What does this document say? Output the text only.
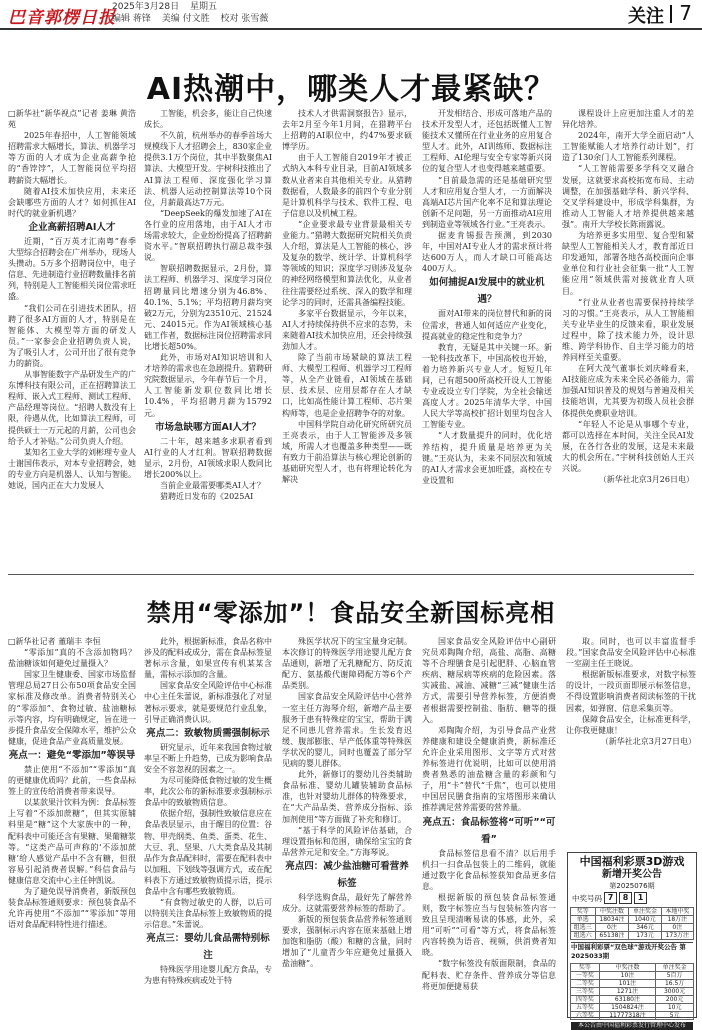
巴音郭楞日报
2025年3月28日 星期五
编辑 蒋锋 美编 付文胜 校对 张雪薇	关注 7
AI热潮中，哪类人才最紧缺？

□新华社“新华视点”记者 姜琳 黄浩苑

2025年春招中，人工智能领域招聘需求大幅增长，算法、机器学习等方面的人才成为企业高薪争抢的“香饽饽”，人工智能岗位平均招聘薪资大幅增长。

随着AI技术加快应用，未来还会缺哪些方面的人才？如何抓住AI时代的就业新机遇？

企业高薪招聘AI人才

近期，“百万英才汇南粤”春季大型综合招聘会在广州举办，现场人头攒动。5万多个招聘岗位中，电子信息、先进制造行业招聘数量排名前列，特别是人工智能相关岗位需求旺盛。

“我们公司在引进技术团队，招聘了很多AI方面的人才，特别是在智能体、大模型等方面的研发人员。”一家参会企业招聘负责人说，为了吸引人才，公司开出了很有竞争力的薪资。

从事智能数字产品研发生产的广东博科技有限公司，正在招聘算法工程师、嵌入式工程师、测试工程师、产品经理等岗位。“招聘人数没有上限，待遇从优，比如算法工程师，可提供硕士一万元起的月薪，公司也会给予人才补贴。”公司负责人介绍。

某知名工业大学的刘彬理专业人士谢国伟表示，对本专业招聘会，她的专业方向是机器人、认知与智能。她说，国内正在大力发展人

工智能，机会多，能让自己快速成长。

不久前，杭州举办的春季首场大规模线下人才招聘会上，830家企业提供3.1万个岗位，其中半数聚焦AI算法、大模型开发。宇树科技推出了AI算法工程师、深度强化学习算法、机器人运动控制算法等10个岗位，月薪最高达7万元。

“DeepSeek的爆发加速了AI在各行业的应用落地，由于AI人才市场需求较大，企业纷纷提高了招聘薪资水平。”智联招聘执行副总裁李强说。

智联招聘数据显示，2月份，算法工程师、机器学习、深度学习岗位招聘量同比增速分别为46.8%、40.1%、5.1%；平均招聘月薪均突破2万元，分别为23510元、21524元、24015元。作为AI领域核心基础工作者，数据标注岗位招聘需求同比增长超50%。

此外，市场对AI知识培训和人才培养的需求也在急剧提升。猎聘研究院数据显示，今年春节后一个月，人工智能新发职位数同比增长10.4%，平均招聘月薪为15792元。

市场急缺哪方面AI人才？

二十年，越来越多求职者看到AI行业的人才红利。智联招聘数据显示，2月份，AI领域求职人数同比增长200%以上。

当前企业最需要哪类AI人才？

猎聘近日发布的《2025AI

技术人才供需洞察报告》显示，去年2月至今年1月间，在猎聘平台上招聘的AI职位中，约47%要求硕博学历。

由于人工智能自2019年才被正式纳入本科专业目录，目前AI领域多数从业者来自其他相关专业。从猎聘数据看，人数最多的前四个专业分别是计算机科学与技术、软件工程、电子信息以及机械工程。

“企业要求最专业背景最相关专业能力。”猎聘大数据研究院相关负责人介绍，算法是人工智能的核心，涉及复杂的数学、统计学、计算机科学等领域的知识；深度学习则涉及复杂的神经网络模型和算法优化，从业者往往需要经过系统、深入的数学和理论学习的同时，还需具备编程技能。

多家平台数据显示，今年以来，AI人才持续保持供不应求的态势，未来随着AI技术加快应用，还会持续强劲加人才。

除了当前市场紧缺的算法工程师、大模型工程师、机器学习工程师等，从全产业链看，AI领域在基础层、技术层、应用层都存在人才缺口，比如高性能计算工程师、芯片架构师等，也是企业招聘争夺的对象。

中国科学院自动化研究所研究员王亮表示，由于人工智能涉及多领域，所需人才也覆盖多种类型——既有致力于前沿算法与核心理论创新的基础研究型人才，也有将理论转化为解决

开发相结合、形成可落地产品的技术开发型人才，还包括既懂人工智能技术又懂所在行业业务的应用复合型人才。此外，AI训练师、数据标注工程师、AI伦理与安全专家等新兴岗位的复合型人才也变得越来越重要。

“目前最急需的还是基础研究型人才和应用复合型人才，一方面解决高端AI芯片国产化率不足和算法理论创新不足问题，另一方面推动AI应用到制造业等领域各行业。”王亮表示。

据麦肯锡报告预测，到2030年，中国对AI专业人才的需求预计将达600万人，而人才缺口可能高达400万人。

如何捕捉AI发展中的就业机遇？

面对AI带来的岗位替代和新的岗位需求，普通人如何适应产业变化，提高就业的稳定性和竞争力？

教育，无疑是其中关键一环。新一轮科技改革下，中国高校也开始，着力培养新兴专业人才。短短几年间，已有超500所高校开设人工智能专业或设立专门学院，为全社会输送高度人才。2025年清华大学、中国人民大学等高校扩招计划里均包含人工智能专业。

“人才数量提升的同时，优化培养结构，提升质量是培养更为关键。”王亮认为，未来不同层次和领域的AI人才需求会更加旺盛，高校在专业设置和

课程设计上应更加注重人才的差异化培养。

2024年，南开大学全面启动“人工智能赋能人才培养行动计划”，打造了130余门人工智能系列课程。

“人工智能需要多学科交叉融合发展，这就要求高校拓宽布局、主动调整，在加强基础学科、新兴学科、交叉学科建设中，形成学科集群，为推动人工智能人才培养提供越来越强”。南开大学校长陈雨露说。

为培养更多实用型、复合型和紧缺型人工智能相关人才，教育部近日印发通知，部署各地各高校面向企事业单位和行业社会征集一批“人工智能应用”领域供需对接就业育人项目。

“行业从业者也需要保持持续学习的习惯。”王亮表示，从人工智能相关专业毕业生的反馈来看，职业发展过程中，除了技术能力外，设计思维、跨学科协作、自主学习能力的培养同样至关重要。

在阿大茂气董事长刘庆峰看来，AI技能应成为未来全民必备能力，需加强AI知识普及的规划与普遍及相关技能培训，尤其要为初级人员社会群体提供免费职业培训。

“年轻人不论是从事哪个专业，都可以选择在本时间，关注全民AI发展，在各行各业的发展，这是未来最大的机会所在。”宇树科技创始人王兴兴说。

（新华社北京3月26日电）

禁用“零添加”！食品安全新国标亮相

□新华社记者 董瑞丰 李恒

“零添加”真的不含添加物吗？盐油糖该如何避免过量摄入？

国家卫生健康委、国家市场监督管理总局27日公布50项食品安全国家标准及修改单。消费者特别关心的“零添加”、食物过敏、盐油糖标示等内容，均有明确规定，旨在进一步提升食品安全保障水平，维护公众健康，促进食品产业高质量发展。

亮点一：避免“零添加”等误导

禁止使用“不添加”“零添加”真的更健康优质吗？此前，一些食品标签上的宣传给消费者带来误导。

以某款果汁饮料为例：食品标签上写着“不添加蔗糖”，但其实原辅料里是“糖”这个大家族中的一种，配料表中可能还含有果糖、果葡糖浆等。“这类产品可声称的‘不添加蔗糖’给人感觉产品中不含有糖，但很容易引起消费者误解。”科信食品与健康信息交流中心主任钟凯说。

为了避免误导消费者，新版预包装食品标签通则要求：预包装食品不允许再使用“不添加”“零添加”等用语对食品配料特性进行描述。

此外，根据新标准，食品名称中涉及的配料或成分，需在食品标签显著标示含量，如果宣传有机某某含量，需标示添加的含量。

国家食品安全风险评估中心标准中心主任朱蕾说，新标准强化了对显著标示要求，就是要规范行业乱象，引导正确消费认识。

亮点二：致敏物质需强制标示

研究显示，近年来我国食物过敏率呈不断上升趋势，已成为影响食品安全不容忽视的因素之一。

为尽可能降低食物过敏的发生概率，此次公布的新标准要求强制标示食品中的致敏物质信息。

依据介绍，强制性致敏信息应在食品表层显示，由于醒目的位置：谷物、甲壳纲类、鱼类、蛋类、花生、大豆、乳、坚果、八大类食品及其制品作为食品配料时，需要在配料表中以加粗、下划线等强调方式，或在配料表下方通过致敏物质提示语，提示食品中含有哪些致敏物质。

“有食物过敏史的人群，以后可以特别关注食品标签上致敏物质的提示信息。”朱蕾说。

亮点三：婴幼儿食品需特别标注

特殊医学用途婴儿配方食品，专为患有特殊疾病或处于特

殊医学状况下的宝宝量身定制。本次修订的特殊医学用途婴儿配方食品通则，新增了无乳糖配方、防反流配方、氨基酸代谢障碍配方等6个产品类别。

国家食品安全风险评估中心营养一室主任方海琴介绍，新增产品主要服务于患有特殊症的宝宝，帮助于满足不同患儿营养需求。生长发育迟缓、腹部膨胀、早产低体重等特殊医学状况的婴儿，同时也覆盖了部分罕见病的婴儿群体。

此外，新修订的婴幼儿谷类辅助食品标准、婴幼儿罐装辅助食品标准，也针对婴幼儿群体的特殊要求，在“大产品品类、营养成分指标、添加剂使用”等方面做了补充和修订。

“基于科学的风险评估基础，合理设置指标和范围，确保给宝宝的食品营养元足和安全。”方海琴说。

亮点四：减少盐油糖可看营养标签

科学选购食品，最好先了解营养成分。这就需要营养标签的帮助了。

新版的预包装食品营养标签通则要求，强制标示内容在原来基础上增加饱和脂肪（酸）和糖的含量，同时增加了“儿童青少年应避免过量摄入盐油糖”。

国家食品安全风险评估中心副研究员邓陶陶介绍，高盐、高脂、高糖等不合理膳食是引起肥胖、心脑血管疾病、糖尿病等疾病的危险因素。落实减盐、减油、减糖“三减”健康生活方式，需要引导营养标签，方便消费者根据需要控制盐、脂肪、糖等的摄入。

邓陶陶介绍，为引导食品产业营养健康和建设全健康消费，新标准还允许企业采用图形、文字等方式对营养标签进行优说明，比如可以使用消费者熟悉的油盐糖含量的彩颜和勺子，用“卡”替代“千焦”，也可以使用中国居民膳食指南的宝塔图形来确认推荐满足营养需要的营养量。

亮点五：食品标签将“可听”“可看”

食品标签信息看不清？以后用手机扫一扫食品包装上的二维码，就能通过数字化食品标签获知食品更多信息。

根据新版的预包装食品标签通则，数字标签应当与包装标签内容一致且呈现清晰易读的体感，此外，采用“可听”“可看”等方式，将食品标签内容转换为语音、视频，供消费者知晓。

“数字标签没有版面限制，食品的配料表、贮存条件、营养成分等信息将更加便捷易获

取。同时，也可以丰富监督手段。”国家食品安全风险评估中心标准一室副主任王晓说。

根据新版标准要求，对数字标签的设计，一段页面即展示标签信息，不得设置影响消费者阅读标签的干扰因素，如弹窗、信息采集页等。

保障食品安全，让标准更科学，让你我更健康！

（新华社北京3月27日电）

中国福利彩票3D游戏
新增开奖公告
第2025076期
中奖号码 7	8	1
奖等	中奖注数	单注奖金	本地中奖
单选	18034注	1040元	18万注
组选三	0注	346元	0注
组选六	65138注	173元	173万注
中国福利彩票“双色球”游戏开奖公告 第2025033期
奖等	中奖注数	单注奖金
一等奖	10注	5百万
二等奖	101注	16.5万
三等奖	1271注	3000元
四等奖	63180注	200元
五等奖	1504824注	10元
六等奖	11777318注	5元
本公告由中国福利彩票发行管理中心发布
